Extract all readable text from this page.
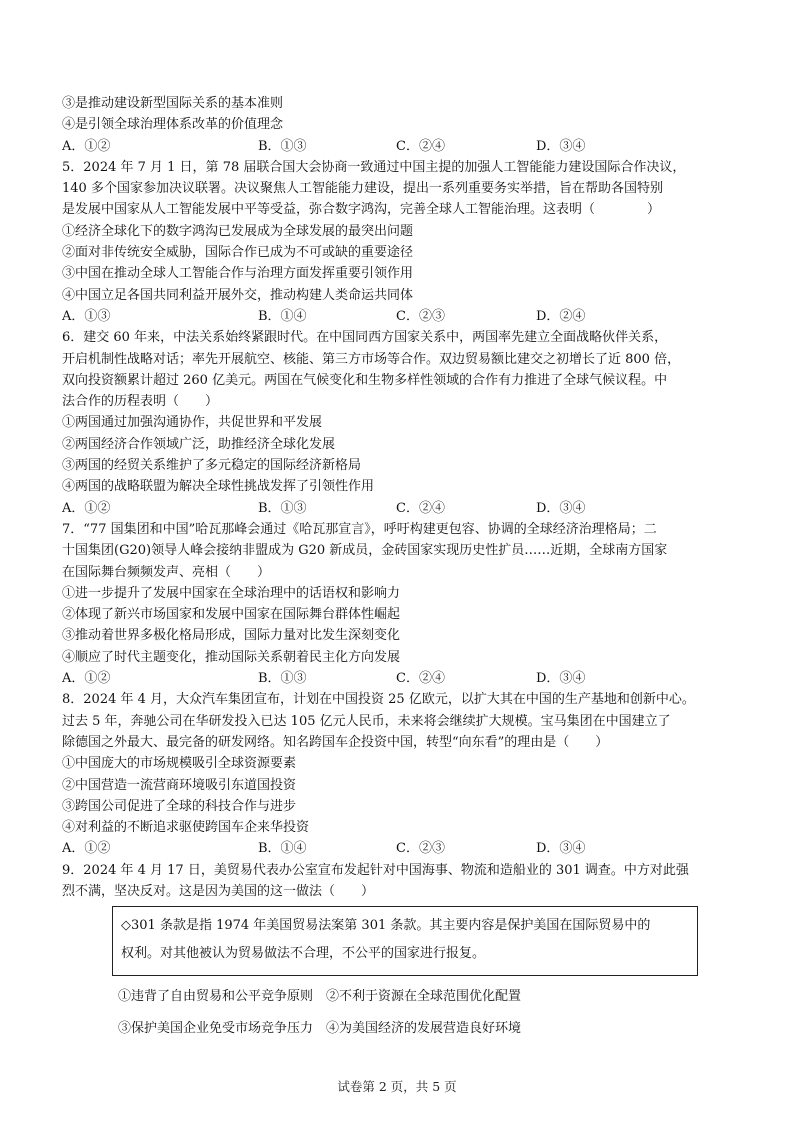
③是推动建设新型国际关系的基本准则
④是引领全球治理体系改革的价值理念
A．①②	B．①③	C．②④	D．③④
5．2024 年 7 月 1 日，第 78 届联合国大会协商一致通过中国主提的加强人工智能能力建设国际合作决议，
140 多个国家参加决议联署。决议聚焦人工智能能力建设，提出一系列重要务实举措，旨在帮助各国特别
是发展中国家从人工智能发展中平等受益，弥合数字鸿沟，完善全球人工智能治理。这表明（　　　　）
①经济全球化下的数字鸿沟已发展成为全球发展的最突出问题
②面对非传统安全威胁，国际合作已成为不可或缺的重要途径
③中国在推动全球人工智能合作与治理方面发挥重要引领作用
④中国立足各国共同利益开展外交，推动构建人类命运共同体
A．①③	B．①④	C．②③	D．②④
6．建交 60 年来，中法关系始终紧跟时代。在中国同西方国家关系中，两国率先建立全面战略伙伴关系，
开启机制性战略对话；率先开展航空、核能、第三方市场等合作。双边贸易额比建交之初增长了近 800 倍，
双向投资额累计超过 260 亿美元。两国在气候变化和生物多样性领域的合作有力推进了全球气候议程。中
法合作的历程表明（　　）
①两国通过加强沟通协作，共促世界和平发展
②两国经济合作领域广泛，助推经济全球化发展
③两国的经贸关系维护了多元稳定的国际经济新格局
④两国的战略联盟为解决全球性挑战发挥了引领性作用
A．①②	B．①③	C．②④	D．③④
7．“77 国集团和中国”哈瓦那峰会通过《哈瓦那宣言》，呼吁构建更包容、协调的全球经济治理格局；二
十国集团(G20)领导人峰会接纳非盟成为 G20 新成员，金砖国家实现历史性扩员……近期，全球南方国家
在国际舞台频频发声、亮相（　　）
①进一步提升了发展中国家在全球治理中的话语权和影响力
②体现了新兴市场国家和发展中国家在国际舞台群体性崛起
③推动着世界多极化格局形成，国际力量对比发生深刻变化
④顺应了时代主题变化，推动国际关系朝着民主化方向发展
A．①②	B．①③	C．②④	D．③④
8．2024 年 4 月，大众汽车集团宣布，计划在中国投资 25 亿欧元，以扩大其在中国的生产基地和创新中心。
过去 5 年，奔驰公司在华研发投入已达 105 亿元人民币，未来将会继续扩大规模。宝马集团在中国建立了
除德国之外最大、最完备的研发网络。知名跨国车企投资中国，转型“向东看”的理由是（　　）
①中国庞大的市场规模吸引全球资源要素
②中国营造一流营商环境吸引东道国投资
③跨国公司促进了全球的科技合作与进步
④对利益的不断追求驱使跨国车企来华投资
A．①②	B．①④	C．②③	D．③④
9．2024 年 4 月 17 日，美贸易代表办公室宣布发起针对中国海事、物流和造船业的 301 调查。中方对此强
烈不满，坚决反对。这是因为美国的这一做法（　　）
◇301 条款是指 1974 年美国贸易法案第 301 条款。其主要内容是保护美国在国际贸易中的
权利。对其他被认为贸易做法不合理，不公平的国家进行报复。
①违背了自由贸易和公平竞争原则　②不利于资源在全球范围优化配置
③保护美国企业免受市场竞争压力　④为美国经济的发展营造良好环境
试卷第 2 页，共 5 页
